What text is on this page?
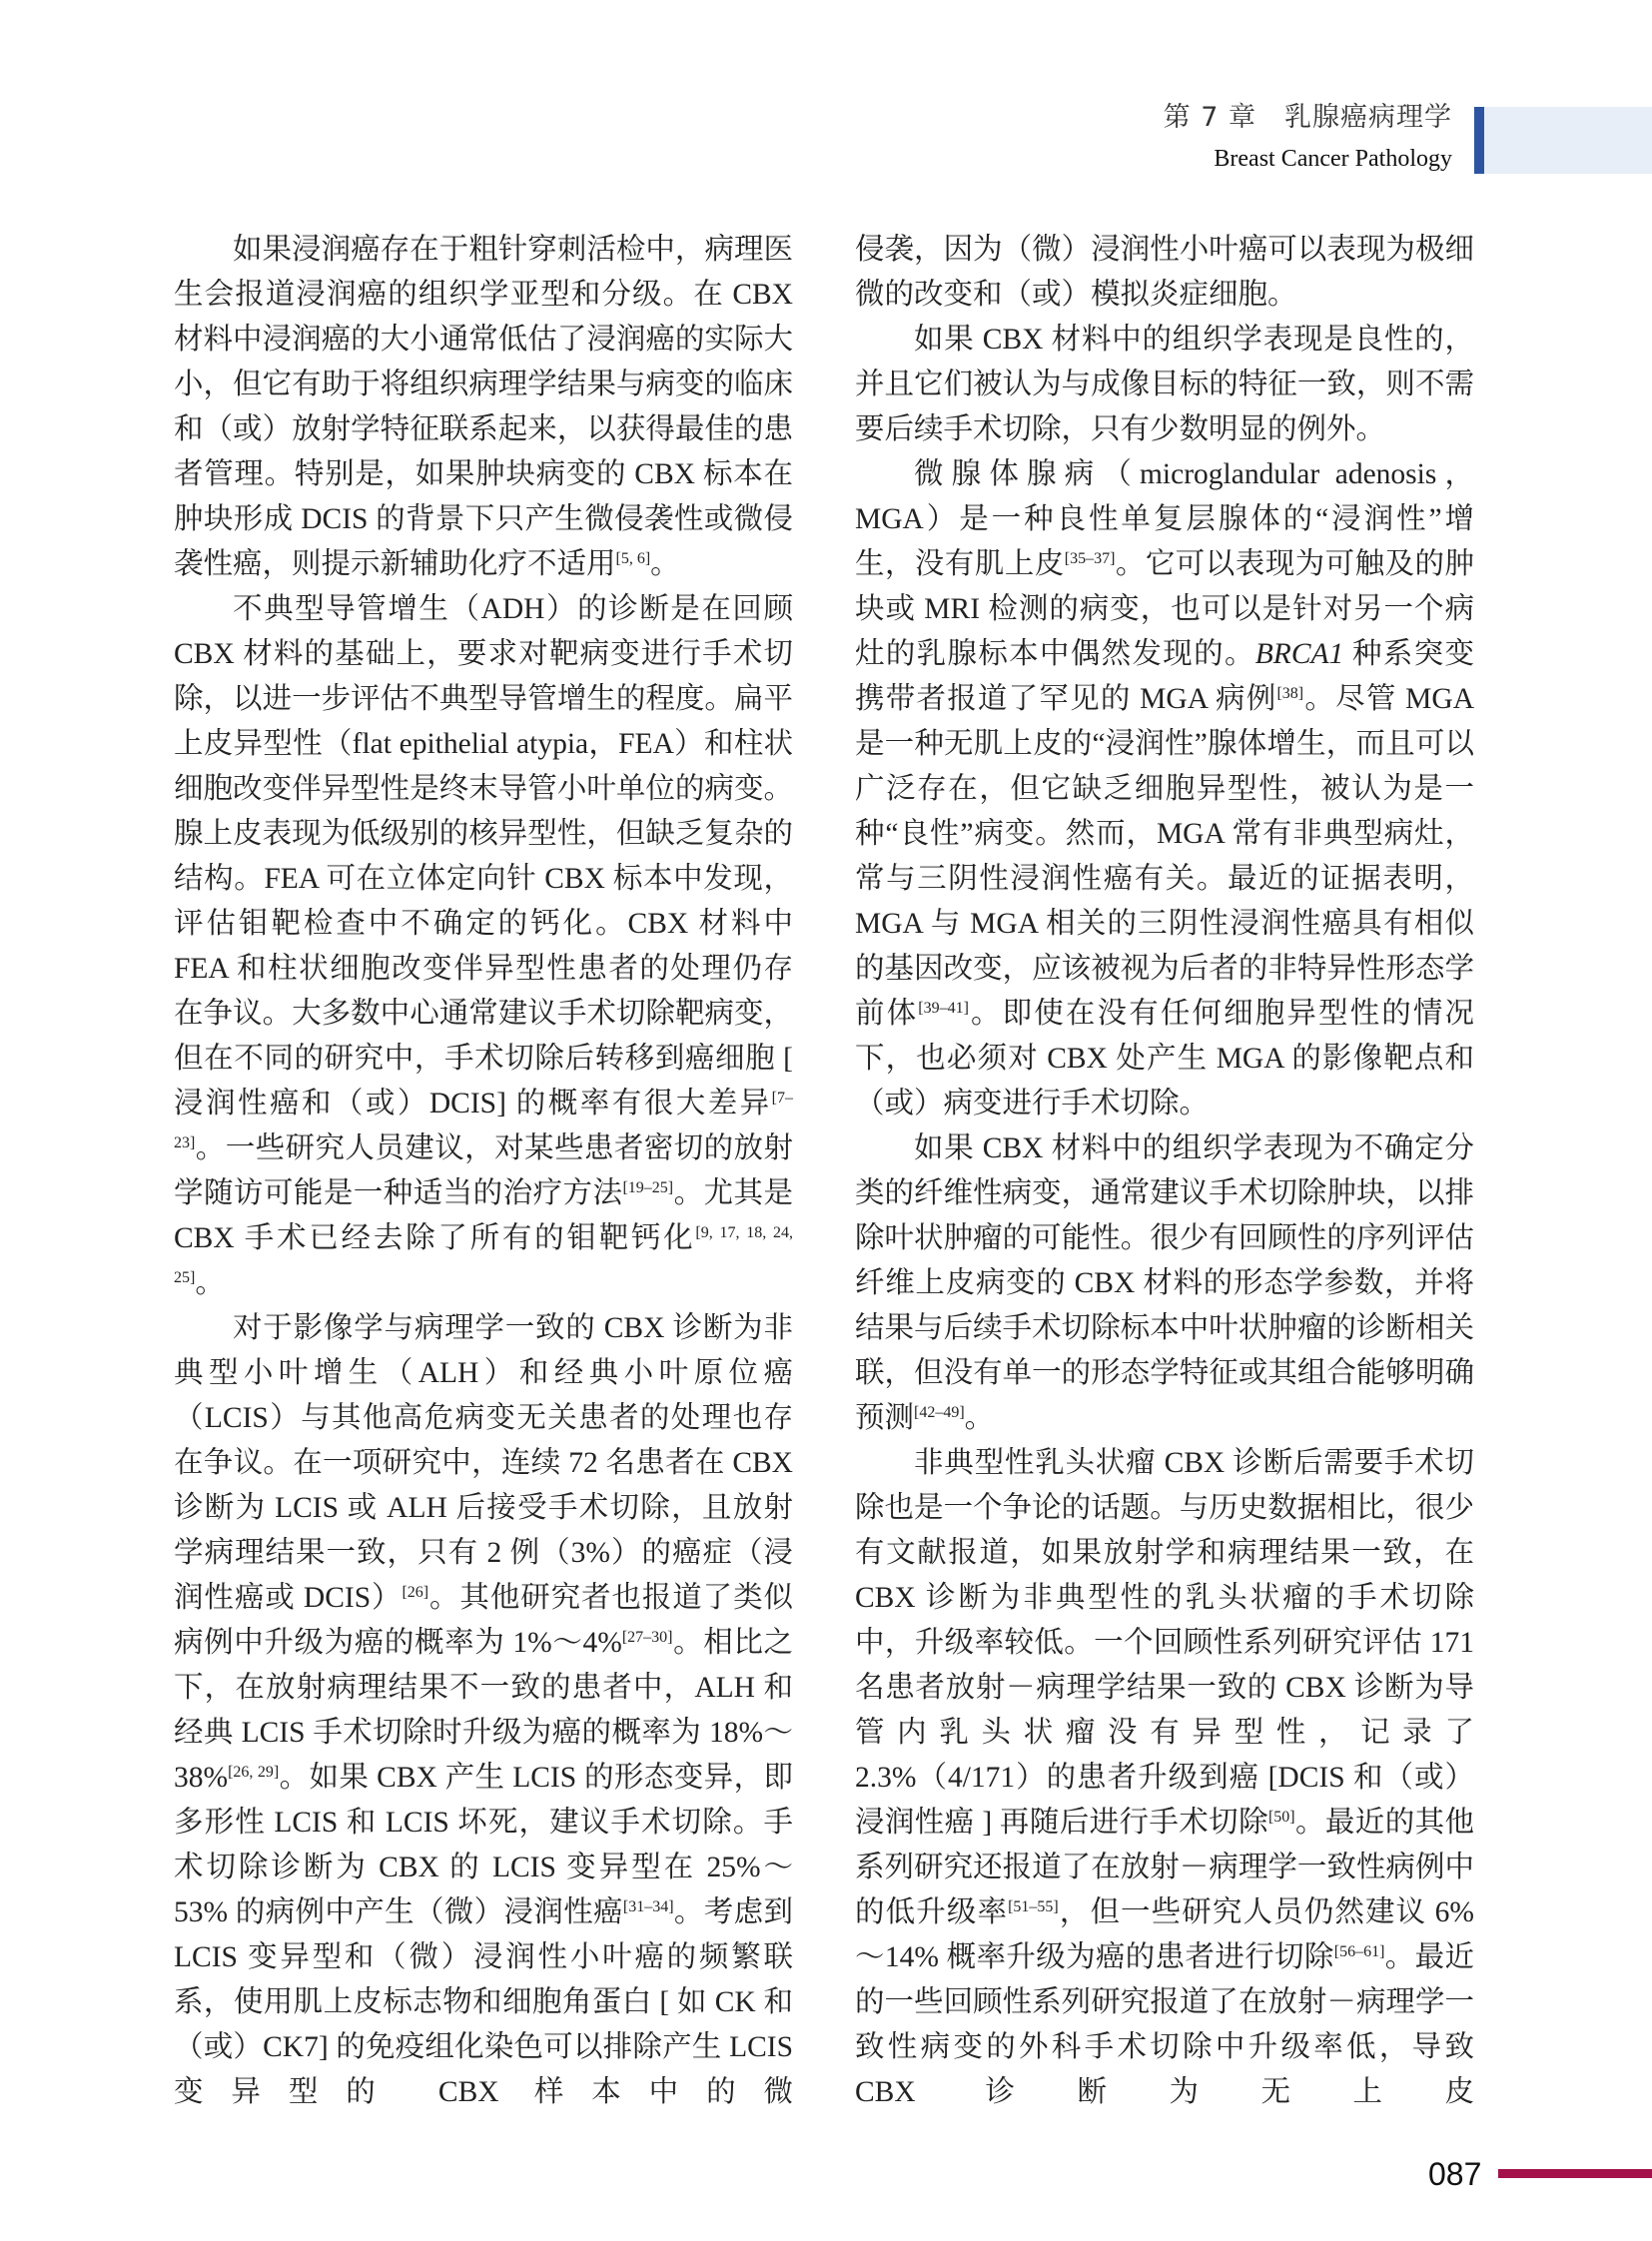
第 7 章　乳腺癌病理学
Breast Cancer Pathology

如果浸润癌存在于粗针穿刺活检中，病理医生会报道浸润癌的组织学亚型和分级。在 CBX 材料中浸润癌的大小通常低估了浸润癌的实际大小，但它有助于将组织病理学结果与病变的临床和（或）放射学特征联系起来，以获得最佳的患者管理。特别是，如果肿块病变的 CBX 标本在肿块形成 DCIS 的背景下只产生微侵袭性或微侵袭性癌，则提示新辅助化疗不适用[5, 6]。

不典型导管增生（ADH）的诊断是在回顾 CBX 材料的基础上，要求对靶病变进行手术切除，以进一步评估不典型导管增生的程度。扁平上皮异型性（flat epithelial atypia，FEA）和柱状细胞改变伴异型性是终末导管小叶单位的病变。腺上皮表现为低级别的核异型性，但缺乏复杂的结构。FEA 可在立体定向针 CBX 标本中发现，评估钼靶检查中不确定的钙化。CBX 材料中 FEA 和柱状细胞改变伴异型性患者的处理仍存在争议。大多数中心通常建议手术切除靶病变，但在不同的研究中，手术切除后转移到癌细胞 [ 浸润性癌和（或）DCIS] 的概率有很大差异[7–23]。一些研究人员建议，对某些患者密切的放射学随访可能是一种适当的治疗方法[19–25]。尤其是 CBX 手术已经去除了所有的钼靶钙化[9, 17, 18, 24, 25]。

对于影像学与病理学一致的 CBX 诊断为非典型小叶增生（ALH）和经典小叶原位癌（LCIS）与其他高危病变无关患者的处理也存在争议。在一项研究中，连续 72 名患者在 CBX 诊断为 LCIS 或 ALH 后接受手术切除，且放射学病理结果一致，只有 2 例（3%）的癌症（浸润性癌或 DCIS）[26]。其他研究者也报道了类似病例中升级为癌的概率为 1%～4%[27–30]。相比之下，在放射病理结果不一致的患者中，ALH 和经典 LCIS 手术切除时升级为癌的概率为 18%～38%[26, 29]。如果 CBX 产生 LCIS 的形态变异，即多形性 LCIS 和 LCIS 坏死，建议手术切除。手术切除诊断为 CBX 的 LCIS 变异型在 25%～53% 的病例中产生（微）浸润性癌[31–34]。考虑到 LCIS 变异型和（微）浸润性小叶癌的频繁联系，使用肌上皮标志物和细胞角蛋白 [ 如 CK 和（或）CK7] 的免疫组化染色可以排除产生 LCIS 变异型的 CBX 样本中的微

侵袭，因为（微）浸润性小叶癌可以表现为极细微的改变和（或）模拟炎症细胞。

如果 CBX 材料中的组织学表现是良性的，并且它们被认为与成像目标的特征一致，则不需要后续手术切除，只有少数明显的例外。

微腺体腺病（microglandular adenosis，MGA）是一种良性单复层腺体的“浸润性”增生，没有肌上皮[35–37]。它可以表现为可触及的肿块或 MRI 检测的病变，也可以是针对另一个病灶的乳腺标本中偶然发现的。BRCA1 种系突变携带者报道了罕见的 MGA 病例[38]。尽管 MGA 是一种无肌上皮的“浸润性”腺体增生，而且可以广泛存在，但它缺乏细胞异型性，被认为是一种“良性”病变。然而，MGA 常有非典型病灶，常与三阴性浸润性癌有关。最近的证据表明，MGA 与 MGA 相关的三阴性浸润性癌具有相似的基因改变，应该被视为后者的非特异性形态学前体[39–41]。即使在没有任何细胞异型性的情况下，也必须对 CBX 处产生 MGA 的影像靶点和（或）病变进行手术切除。

如果 CBX 材料中的组织学表现为不确定分类的纤维性病变，通常建议手术切除肿块，以排除叶状肿瘤的可能性。很少有回顾性的序列评估纤维上皮病变的 CBX 材料的形态学参数，并将结果与后续手术切除标本中叶状肿瘤的诊断相关联，但没有单一的形态学特征或其组合能够明确预测[42–49]。

非典型性乳头状瘤 CBX 诊断后需要手术切除也是一个争论的话题。与历史数据相比，很少有文献报道，如果放射学和病理结果一致，在 CBX 诊断为非典型性的乳头状瘤的手术切除中，升级率较低。一个回顾性系列研究评估 171 名患者放射－病理学结果一致的 CBX 诊断为导管内乳头状瘤没有异型性，记录了 2.3%（4/171）的患者升级到癌 [DCIS 和（或）浸润性癌 ] 再随后进行手术切除[50]。最近的其他系列研究还报道了在放射－病理学一致性病例中的低升级率[51–55]，但一些研究人员仍然建议 6%～14% 概率升级为癌的患者进行切除[56–61]。最近的一些回顾性系列研究报道了在放射－病理学一致性病变的外科手术切除中升级率低，导致 CBX 诊断为无上皮

087
